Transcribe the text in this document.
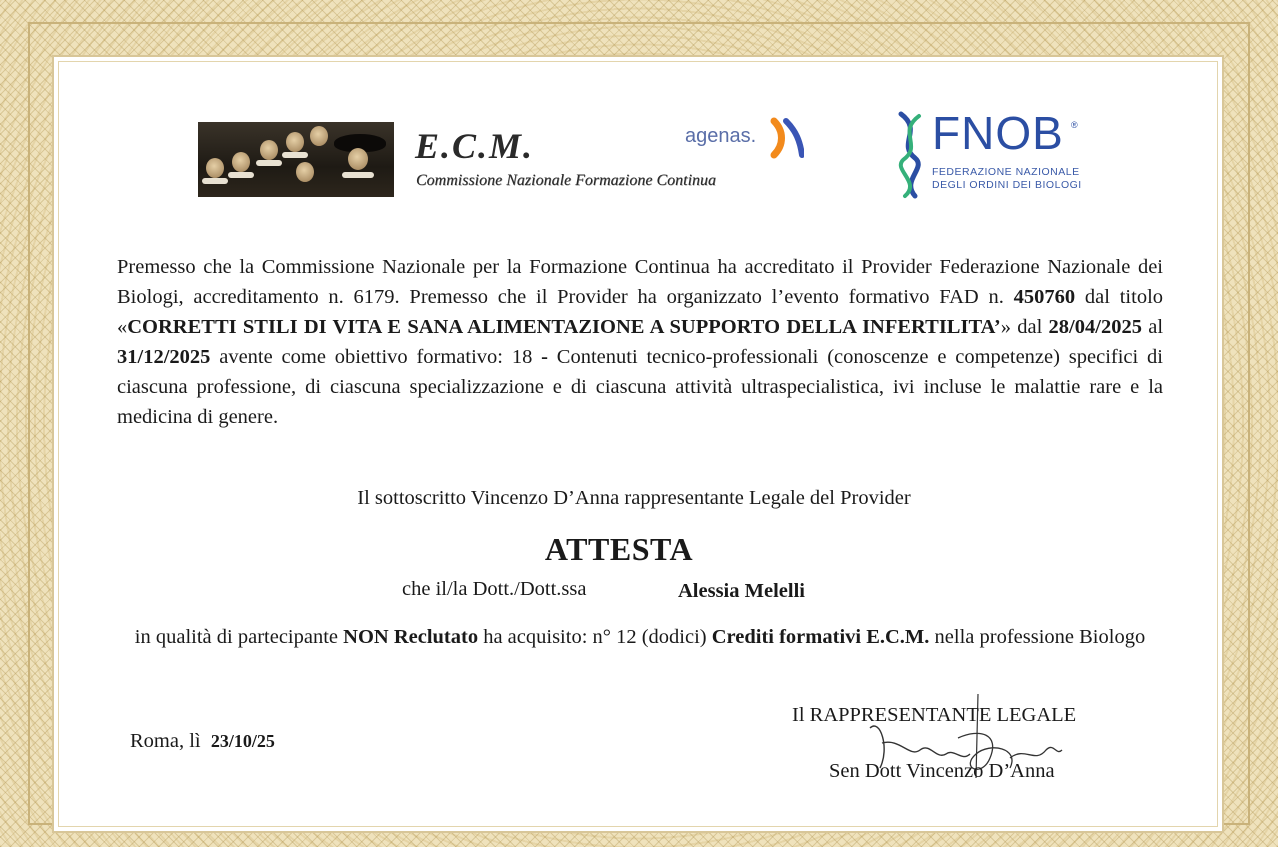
E.C.M.
Commissione Nazionale Formazione Continua
agenas.	FNOB ®
FEDERAZIONE NAZIONALE
DEGLI ORDINI DEI BIOLOGI
Premesso che la Commissione Nazionale per la Formazione Continua ha accreditato il Provider Federazione Nazionale dei Biologi, accreditamento n. 6179. Premesso che il Provider ha organizzato l’evento formativo FAD n. 450760 dal titolo «CORRETTI STILI DI VITA E SANA ALIMENTAZIONE A SUPPORTO DELLA INFERTILITA’» dal 28/04/2025 al 31/12/2025 avente come obiettivo formativo: 18 - Contenuti tecnico-professionali (conoscenze e competenze) specifici di ciascuna professione, di ciascuna specializzazione e di ciascuna attività ultraspecialistica, ivi incluse le malattie rare e la medicina di genere.
Il sottoscritto Vincenzo D’Anna rappresentante Legale del Provider
ATTESTA
che il/la Dott./Dott.ssa	Alessia Melelli
in qualità di partecipante NON Reclutato ha acquisito: n° 12 (dodici) Crediti formativi E.C.M. nella professione Biologo
Roma, lì 23/10/25
Il RAPPRESENTANTE LEGALE
Sen Dott Vincenzo D’Anna
